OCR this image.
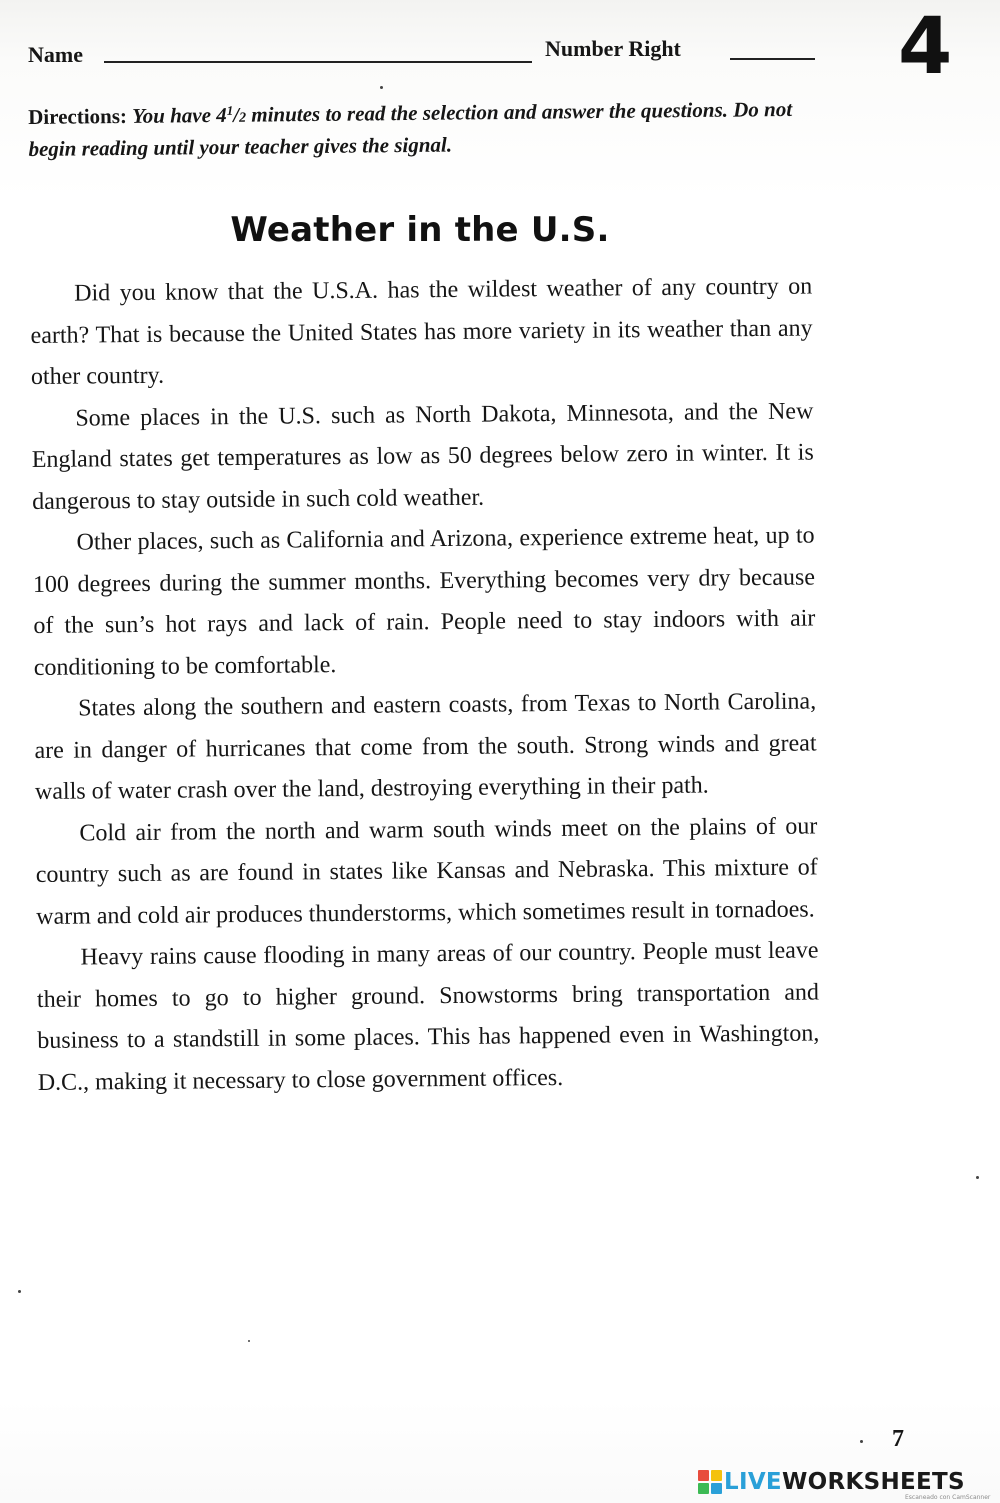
Name	Number Right	4
Directions: You have $4^1/2$ minutes to read the selection and answer the questions. Do not begin reading until your teacher gives the signal.
Weather in the U.S.

Did you know that the U.S.A. has the wildest weather of any country on earth? That is because the United States has more variety in its weather than any other country.

Some places in the U.S. such as North Dakota, Minnesota, and the New England states get temperatures as low as 50 degrees below zero in winter. It is dangerous to stay outside in such cold weather.

Other places, such as California and Arizona, experience extreme heat, up to 100 degrees during the summer months. Everything becomes very dry because of the sun’s hot rays and lack of rain. People need to stay indoors with air conditioning to be comfortable.

States along the southern and eastern coasts, from Texas to North Carolina, are in danger of hurricanes that come from the south. Strong winds and great walls of water crash over the land, destroying everything in their path.

Cold air from the north and warm south winds meet on the plains of our country such as are found in states like Kansas and Nebraska. This mixture of warm and cold air produces thunderstorms, which sometimes result in tornadoes.

Heavy rains cause flooding in many areas of our country. People must leave their homes to go to higher ground. Snowstorms bring transportation and business to a standstill in some places. This has happened even in Washington, D.C., making it necessary to close government offices.

7
LIVEWORKSHEETS
Escaneado con CamScanner
